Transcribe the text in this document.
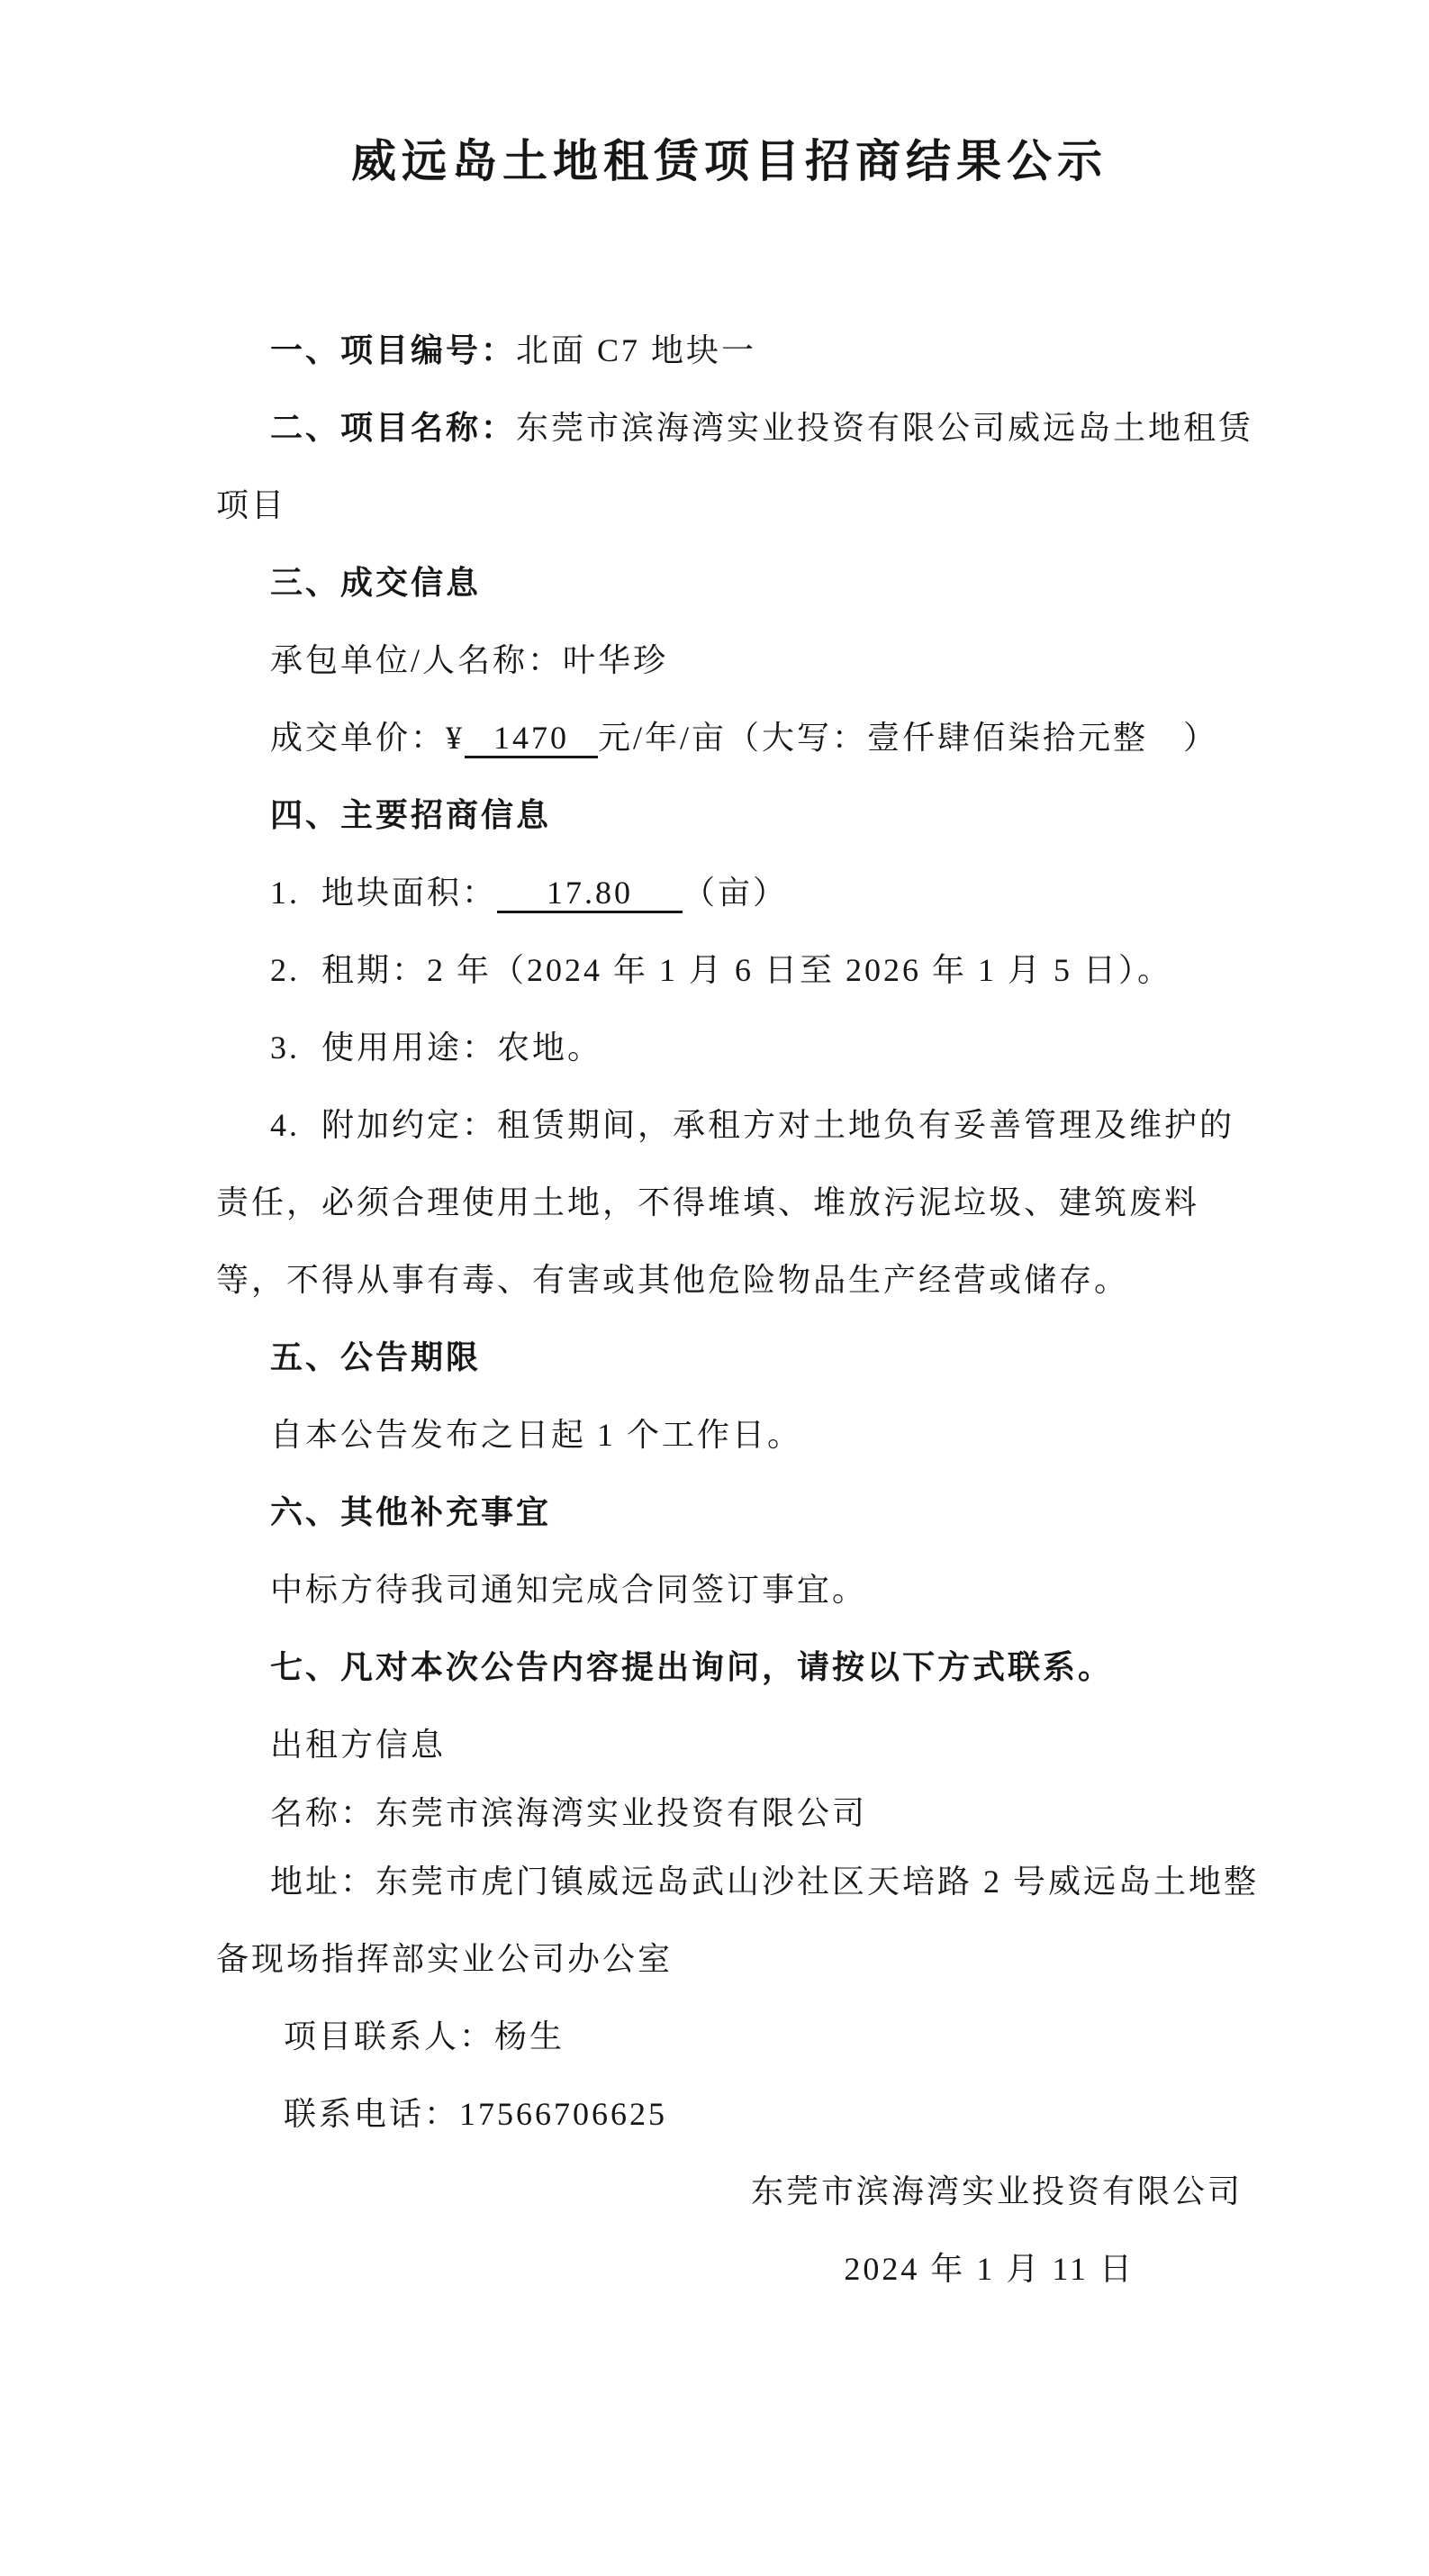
威远岛土地租赁项目招商结果公示
一、项目编号：北面 C7 地块一
二、项目名称：东莞市滨海湾实业投资有限公司威远岛土地租赁
项目
三、成交信息
承包单位/人名称：叶华珍
成交单价：¥ 1470 元/年/亩（大写：壹仟肆佰柒拾元整　）
四、主要招商信息
1.  地块面积： 17.80 （亩）
2.  租期：2 年（2024 年 1 月 6 日至 2026 年 1 月 5 日）。
3.  使用用途：农地。
4.  附加约定：租赁期间，承租方对土地负有妥善管理及维护的
责任，必须合理使用土地，不得堆填、堆放污泥垃圾、建筑废料
等，不得从事有毒、有害或其他危险物品生产经营或储存。
五、公告期限
自本公告发布之日起 1 个工作日。
六、其他补充事宜
中标方待我司通知完成合同签订事宜。
七、凡对本次公告内容提出询问，请按以下方式联系。
出租方信息
名称：东莞市滨海湾实业投资有限公司
地址：东莞市虎门镇威远岛武山沙社区天培路 2 号威远岛土地整
备现场指挥部实业公司办公室
项目联系人：杨生
联系电话：17566706625
东莞市滨海湾实业投资有限公司
2024 年 1 月 11 日
